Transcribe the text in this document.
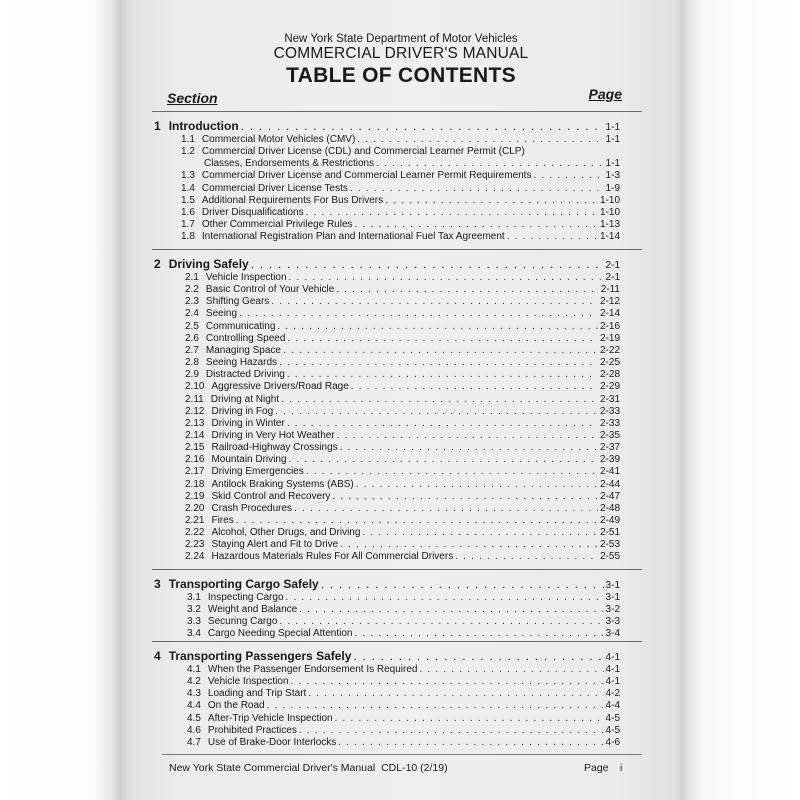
New York State Department of Motor Vehicles
COMMERCIAL DRIVER'S MANUAL
TABLE OF CONTENTS
Section	Page
1 Introduction . . .	1-1
1.1 Commercial Motor Vehicles (CMV) . . .	1-1
1.2 Commercial Driver License (CDL) and Commercial Learner Permit (CLP)
Classes, Endorsements & Restrictions . . .	1-1
1.3 Commercial Driver License and Commercial Learner Permit Requirements . . .	1-3
1.4 Commercial Driver License Tests . . .	1-9
1.5 Additional Requirements For Bus Drivers . . .	1-10
1.6 Driver Disqualifications . . .	1-10
1.7 Other Commercial Privilege Rules . . .	1-13
1.8 International Registration Plan and International Fuel Tax Agreement . . .	1-14
2 Driving Safely . . .	2-1
2.1 Vehicle Inspection . . .	2-1
2.2 Basic Control of Your Vehicle . . .	2-11
2.3 Shifting Gears . . .	2-12
2.4 Seeing . . .	2-14
2.5 Communicating . . .	2-16
2.6 Controlling Speed . . .	2-19
2.7 Managing Space . . .	2-22
2.8 Seeing Hazards . . .	2-25
2.9 Distracted Driving . . .	2-28
2.10 Aggressive Drivers/Road Rage . . .	2-29
2.11 Driving at Night . . .	2-31
2.12 Driving in Fog . . .	2-33
2.13 Driving in Winter . . .	2-33
2.14 Driving in Very Hot Weather . . .	2-35
2.15 Railroad-Highway Crossings . . .	2-37
2.16 Mountain Driving . . .	2-39
2.17 Driving Emergencies . . .	2-41
2.18 Antilock Braking Systems (ABS) . . .	2-44
2.19 Skid Control and Recovery . . .	2-47
2.20 Crash Procedures . . .	2-48
2.21 Fires . . .	2-49
2.22 Alcohol, Other Drugs, and Driving . . .	2-51
2.23 Staying Alert and Fit to Drive . . .	2-53
2.24 Hazardous Materials Rules For All Commercial Drivers . . .	2-55
3 Transporting Cargo Safely . . .	3-1
3.1 Inspecting Cargo . . .	3-1
3.2 Weight and Balance . . .	3-2
3.3 Securing Cargo . . .	3-3
3.4 Cargo Needing Special Attention . . .	3-4
4 Transporting Passengers Safely . . .	4-1
4.1 When the Passenger Endorsement Is Required . . .	4-1
4.2 Vehicle Inspection . . .	4-1
4.3 Loading and Trip Start . . .	4-2
4.4 On the Road . . .	4-4
4.5 After-Trip Vehicle Inspection . . .	4-5
4.6 Prohibited Practices . . .	4-5
4.7 Use of Brake-Door Interlocks . . .	4-6
New York State Commercial Driver's Manual  CDL-10 (2/19)	Page i
